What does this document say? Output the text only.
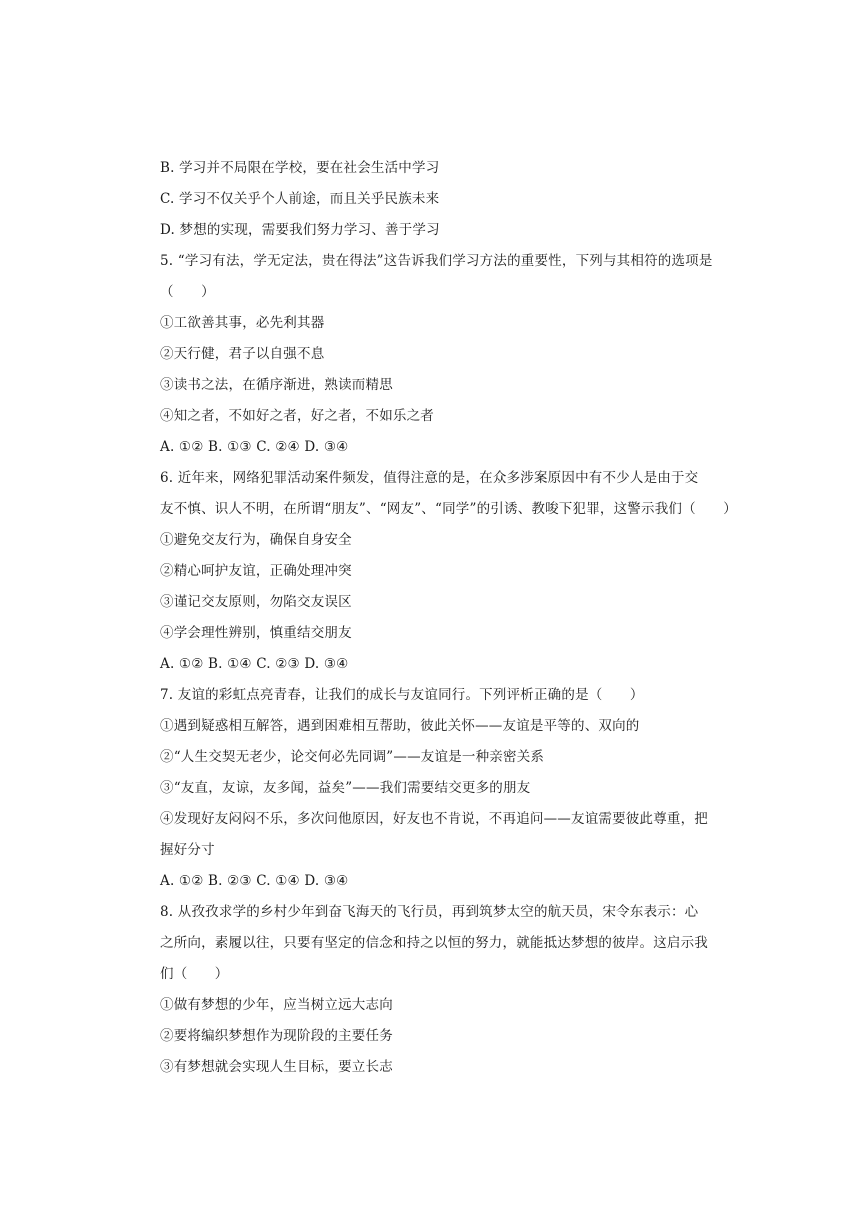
B. 学习并不局限在学校，要在社会生活中学习
C. 学习不仅关乎个人前途，而且关乎民族未来
D. 梦想的实现，需要我们努力学习、善于学习
5. “学习有法，学无定法，贵在得法”这告诉我们学习方法的重要性，下列与其相符的选项是
（　　）
①工欲善其事，必先利其器
②天行健，君子以自强不息
③读书之法，在循序渐进，熟读而精思
④知之者，不如好之者，好之者，不如乐之者
A. ①② B. ①③ C. ②④ D. ③④
6. 近年来，网络犯罪活动案件频发，值得注意的是，在众多涉案原因中有不少人是由于交
友不慎、识人不明，在所谓“朋友”、“网友”、“同学”的引诱、教唆下犯罪，这警示我们（　　）
①避免交友行为，确保自身安全
②精心呵护友谊，正确处理冲突
③谨记交友原则，勿陷交友误区
④学会理性辨别，慎重结交朋友
A. ①② B. ①④ C. ②③ D. ③④
7. 友谊的彩虹点亮青春，让我们的成长与友谊同行。下列评析正确的是（　　）
①遇到疑惑相互解答，遇到困难相互帮助，彼此关怀——友谊是平等的、双向的
②“人生交契无老少，论交何必先同调”——友谊是一种亲密关系
③“友直，友谅，友多闻，益矣”——我们需要结交更多的朋友
④发现好友闷闷不乐，多次问他原因，好友也不肯说，不再追问——友谊需要彼此尊重，把
握好分寸
A. ①② B. ②③ C. ①④ D. ③④
8. 从孜孜求学的乡村少年到奋飞海天的飞行员，再到筑梦太空的航天员，宋令东表示：心
之所向，素履以往，只要有坚定的信念和持之以恒的努力，就能抵达梦想的彼岸。这启示我
们（　　）
①做有梦想的少年，应当树立远大志向
②要将编织梦想作为现阶段的主要任务
③有梦想就会实现人生目标，要立长志
